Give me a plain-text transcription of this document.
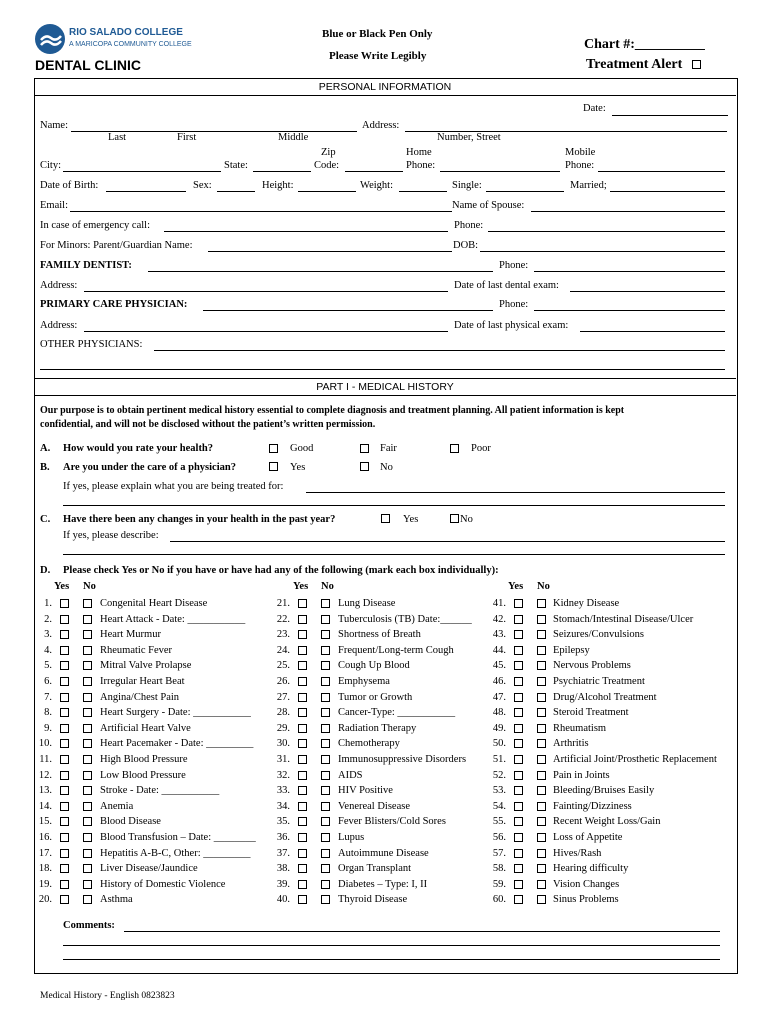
RIO SALADO COLLEGE
A MARICOPA COMMUNITY COLLEGE
DENTAL CLINIC
Blue or Black Pen Only
Please Write Legibly
Chart #:__________
Treatment Alert
PERSONAL INFORMATION
Date:
Name:	Address:
Last	First	Middle	Number, Street
Zip	Home	Mobile
City:	State:	Code:	Phone:	Phone:
Date of Birth:	Sex:	Height:	Weight:	Single:	Married;
Email:	Name of Spouse:
In case of emergency call:	Phone:
For Minors: Parent/Guardian Name:	DOB:
FAMILY DENTIST:	Phone:
Address:	Date of last dental exam:
PRIMARY CARE PHYSICIAN:	Phone:
Address:	Date of last physical exam:
OTHER PHYSICIANS:
PART I - MEDICAL HISTORY
Our purpose is to obtain pertinent medical history essential to complete diagnosis and treatment planning. All patient information is kept
confidential, and will not be disclosed without the patient’s written permission.
A. How would you rate your health?	Good	Fair	Poor
B. Are you under the care of a physician?	Yes	No
If yes, please explain what you are being treated for:
C. Have there been any changes in your health in the past year?	Yes	No
If yes, please describe:
D. Please check Yes or No if you have or have had any of the following (mark each box individually):
Yes No	Yes No	Yes No
1.	Congenital Heart Disease
2.	Heart Attack - Date: ___________
3.	Heart Murmur
4.	Rheumatic Fever
5.	Mitral Valve Prolapse
6.	Irregular Heart Beat
7.	Angina/Chest Pain
8.	Heart Surgery - Date: ___________
9.	Artificial Heart Valve
10.	Heart Pacemaker - Date: _________
11.	High Blood Pressure
12.	Low Blood Pressure
13.	Stroke - Date: ___________
14.	Anemia
15.	Blood Disease
16.	Blood Transfusion – Date: ________
17.	Hepatitis A-B-C, Other: _________
18.	Liver Disease/Jaundice
19.	History of Domestic Violence
20.	Asthma
21.	Lung Disease
22.	Tuberculosis (TB) Date:______
23.	Shortness of Breath
24.	Frequent/Long-term Cough
25.	Cough Up Blood
26.	Emphysema
27.	Tumor or Growth
28.	Cancer-Type: ___________
29.	Radiation Therapy
30.	Chemotherapy
31.	Immunosuppressive Disorders
32.	AIDS
33.	HIV Positive
34.	Venereal Disease
35.	Fever Blisters/Cold Sores
36.	Lupus
37.	Autoimmune Disease
38.	Organ Transplant
39.	Diabetes – Type: I, II
40.	Thyroid Disease
41.	Kidney Disease
42.	Stomach/Intestinal Disease/Ulcer
43.	Seizures/Convulsions
44.	Epilepsy
45.	Nervous Problems
46.	Psychiatric Treatment
47.	Drug/Alcohol Treatment
48.	Steroid Treatment
49.	Rheumatism
50.	Arthritis
51.	Artificial Joint/Prosthetic Replacement
52.	Pain in Joints
53.	Bleeding/Bruises Easily
54.	Fainting/Dizziness
55.	Recent Weight Loss/Gain
56.	Loss of Appetite
57.	Hives/Rash
58.	Hearing difficulty
59.	Vision Changes
60.	Sinus Problems
Comments:
Medical History - English 0823823
